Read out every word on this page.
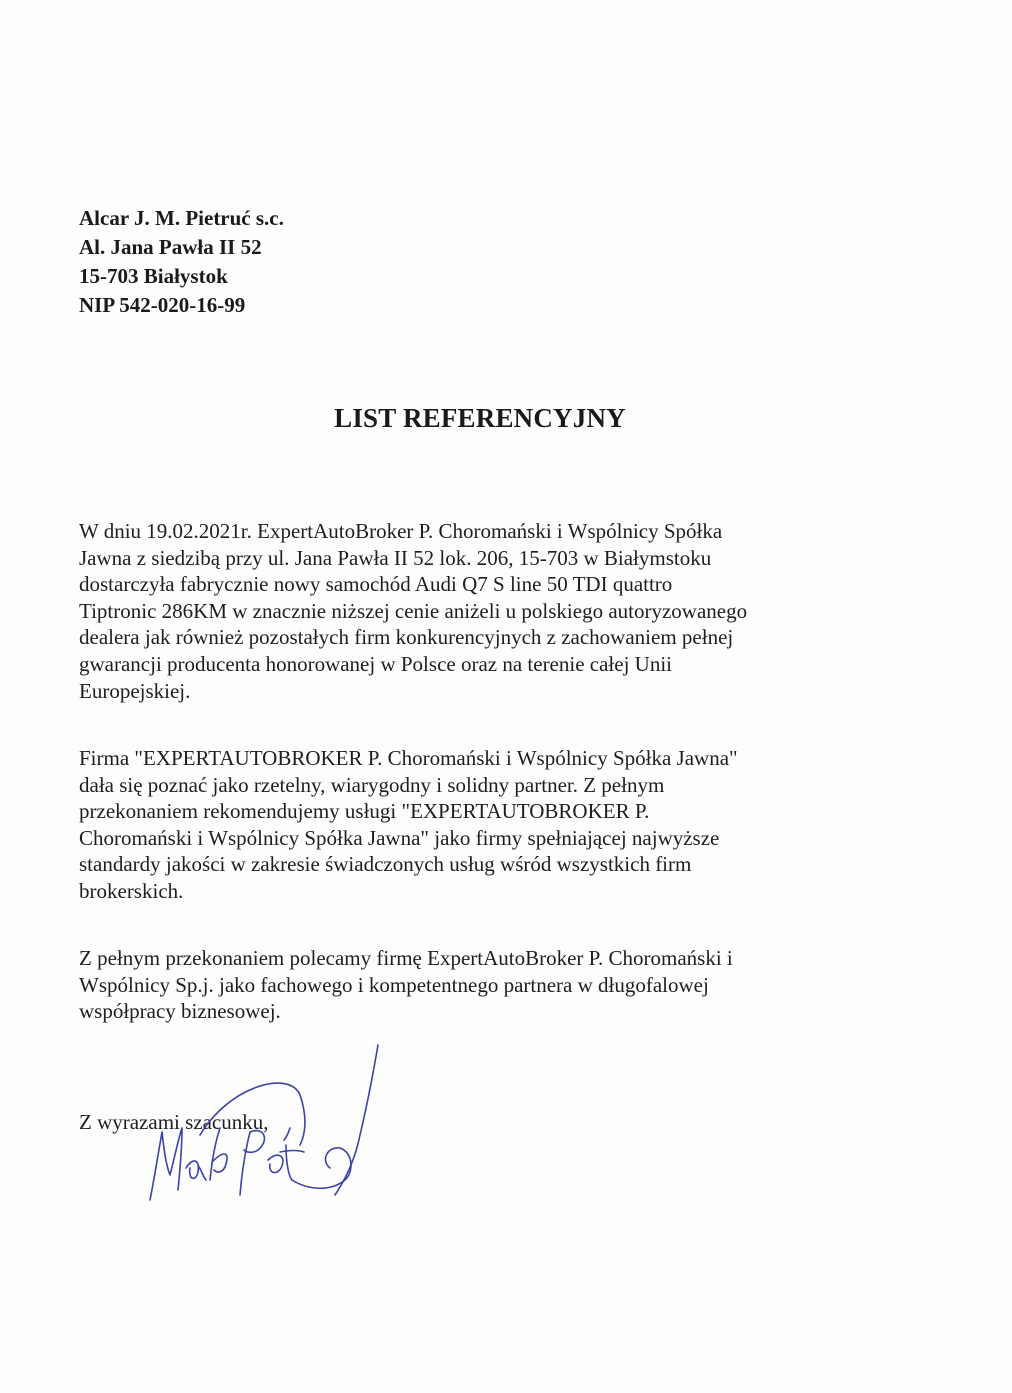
Alcar J. M. Pietruć s.c.
Al. Jana Pawła II 52
15-703 Białystok
NIP 542-020-16-99
LIST REFERENCYJNY
W dniu 19.02.2021r. ExpertAutoBroker P. Choromański i Wspólnicy Spółka
Jawna z siedzibą przy ul. Jana Pawła II 52 lok. 206, 15-703 w Białymstoku
dostarczyła fabrycznie nowy samochód Audi Q7 S line 50 TDI quattro
Tiptronic 286KM w znacznie niższej cenie aniżeli u polskiego autoryzowanego
dealera jak również pozostałych firm konkurencyjnych z zachowaniem pełnej
gwarancji producenta honorowanej w Polsce oraz na terenie całej Unii
Europejskiej.
Firma "EXPERTAUTOBROKER P. Choromański i Wspólnicy Spółka Jawna"
dała się poznać jako rzetelny, wiarygodny i solidny partner. Z pełnym
przekonaniem rekomendujemy usługi "EXPERTAUTOBROKER P.
Choromański i Wspólnicy Spółka Jawna" jako firmy spełniającej najwyższe
standardy jakości w zakresie świadczonych usług wśród wszystkich firm
brokerskich.
Z pełnym przekonaniem polecamy firmę ExpertAutoBroker P. Choromański i
Wspólnicy Sp.j. jako fachowego i kompetentnego partnera w długofalowej
współpracy biznesowej.
Z wyrazami szacunku,
